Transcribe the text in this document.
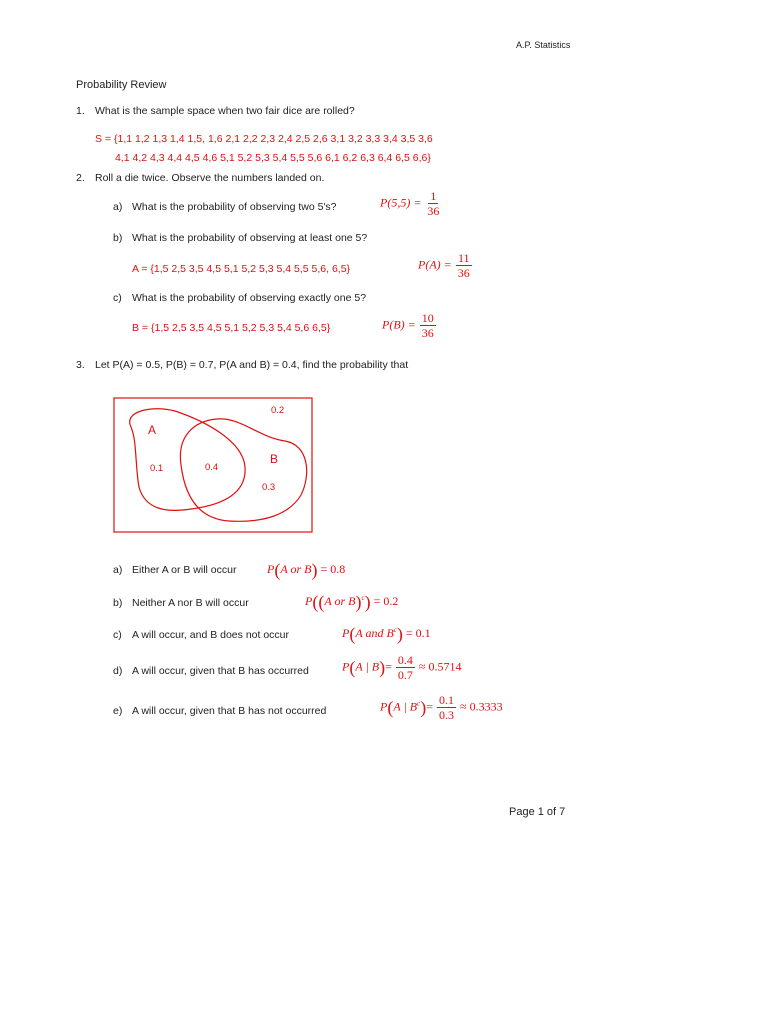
A.P. Statistics
Probability Review
1. What is the sample space when two fair dice are rolled?
S = {1,1 1,2 1,3 1,4 1,5, 1,6 2,1 2,2 2,3 2,4 2,5 2,6 3,1 3,2 3,3 3,4 3,5 3,6
4,1 4,2 4,3 4,4 4,5 4,6 5,1 5,2 5,3 5,4 5,5 5,6 6,1 6,2 6,3 6,4 6,5 6,6}
2. Roll a die twice. Observe the numbers landed on.
a) What is the probability of observing two 5's?	$P(5,5) = \frac{1}{36}$
b) What is the probability of observing at least one 5?
A = {1,5 2,5 3,5 4,5 5,1 5,2 5,3 5,4 5,5 5,6, 6,5}	$P(A) = \frac{11}{36}$
c) What is the probability of observing exactly one 5?
B = {1,5 2,5 3,5 4,5 5,1 5,2 5,3 5,4 5,6 6,5}	$P(B) = \frac{10}{36}$
3. Let P(A) = 0.5, P(B) = 0.7, P(A and B) = 0.4, find the probability that
0.2
A
B
0.1	0.4
0.3
a) Either A or B will occur	P(A or B) = 0.8
b) Neither A nor B will occur	P((A or B)$^c$) = 0.2
c) A will occur, and B does not occur	P(A and $B^c) = 0.1$
d) A will occur, given that B has occurred	P(A | $B)= \frac{0.4}{0.7} \approx 0.5714$
e) A will occur, given that B has not occurred	P(A | $B^c)= \frac{0.1}{0.3} \approx 0.3333$
Page 1 of 7
